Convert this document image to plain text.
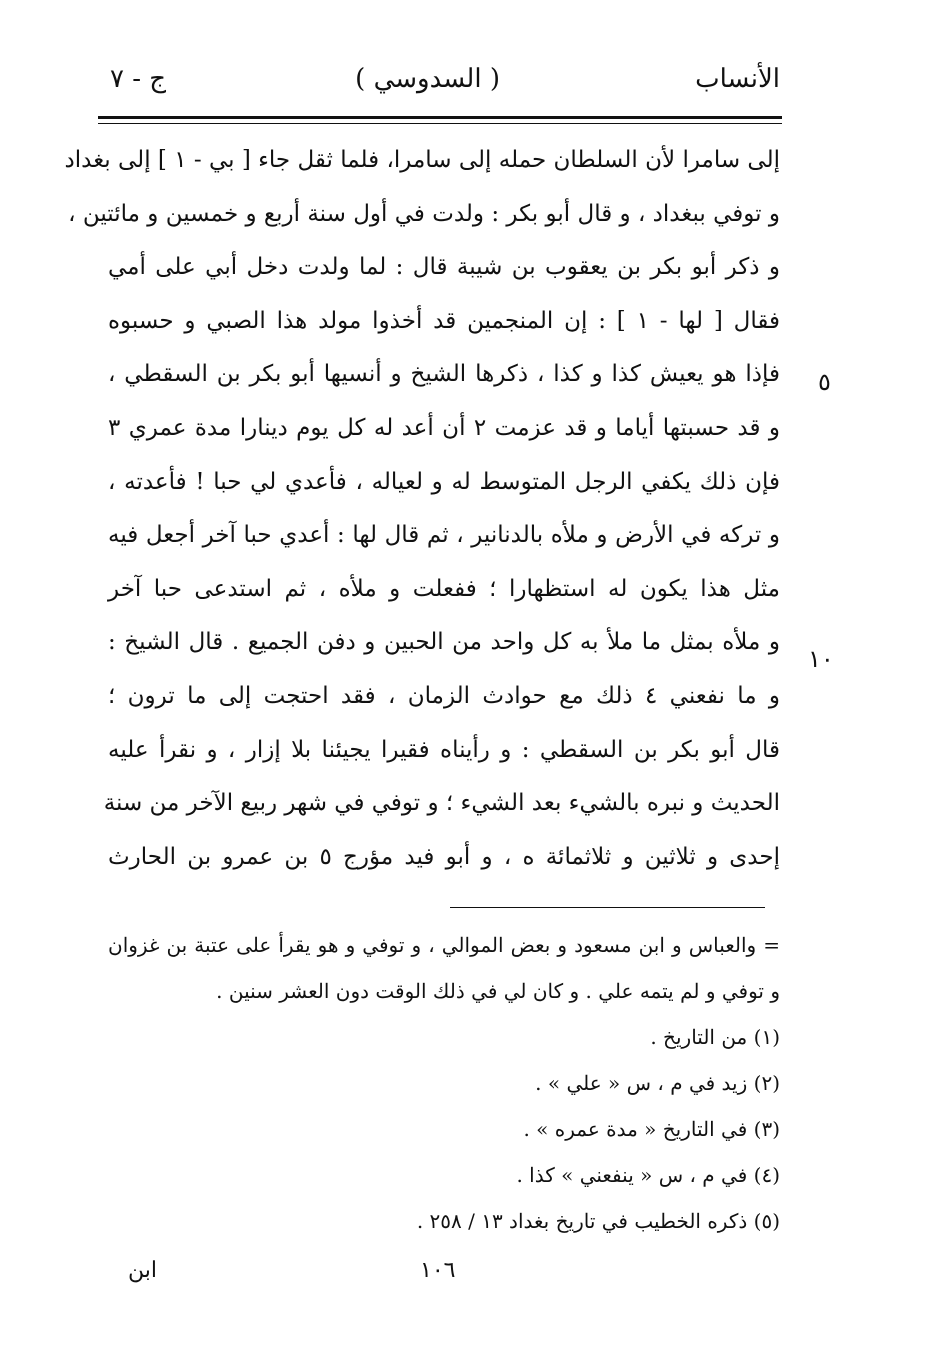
الأنساب
( السدوسي )
ج - ٧
٥
١٠
إلى سامرا لأن السلطان حمله إلى سامرا، فلما ثقل جاء [ بي - ١ ] إلى بغداد
و توفي ببغداد ، و قال أبو بكر : ولدت في أول سنة أربع و خمسين و مائتين ،
و ذكر أبو بكر بن يعقوب بن شيبة قال : لما ولدت دخل أبي على أمي
فقال [ لها - ١ ] : إن المنجمين قد أخذوا مولد هذا الصبي و حسبوه
فإذا هو يعيش كذا و كذا ، ذكرها الشيخ و أنسيها أبو بكر بن السقطي ،
و قد حسبتها أياما و قد عزمت ٢ أن أعد له كل يوم دينارا مدة عمري ٣
فإن ذلك يكفي الرجل المتوسط له و لعياله ، فأعدي لي حبا ! فأعدته ،
و تركه في الأرض و ملأه بالدنانير ، ثم قال لها : أعدي حبا آخر أجعل فيه
مثل هذا يكون له استظهارا ؛ ففعلت و ملأه ، ثم استدعى حبا آخر
و ملأه بمثل ما ملأ به كل واحد من الحبين و دفن الجميع . قال الشيخ :
و ما نفعني ٤ ذلك مع حوادث الزمان ، فقد احتجت إلى ما ترون ؛
قال أبو بكر بن السقطي : و رأيناه فقيرا يجيئنا بلا إزار ، و نقرأ عليه
الحديث و نبره بالشيء بعد الشيء ؛ و توفي في شهر ربيع الآخر من سنة
إحدى و ثلاثين و ثلاثمائة ه ، و أبو فيد مؤرج ٥ بن عمرو بن الحارث
= والعباس و ابن مسعود و بعض الموالي ، و توفي و هو يقرأ على عتبة بن غزوان
و توفي و لم يتمه علي . و كان لي في ذلك الوقت دون العشر سنين .
(١) من التاريخ .
(٢) زيد في م ، س « علي » .
(٣) في التاريخ « مدة عمره » .
(٤) في م ، س « ينفعني » كذا .
(٥) ذكره الخطيب في تاريخ بغداد ١٣ / ٢٥٨ .
ابن	١٠٦
